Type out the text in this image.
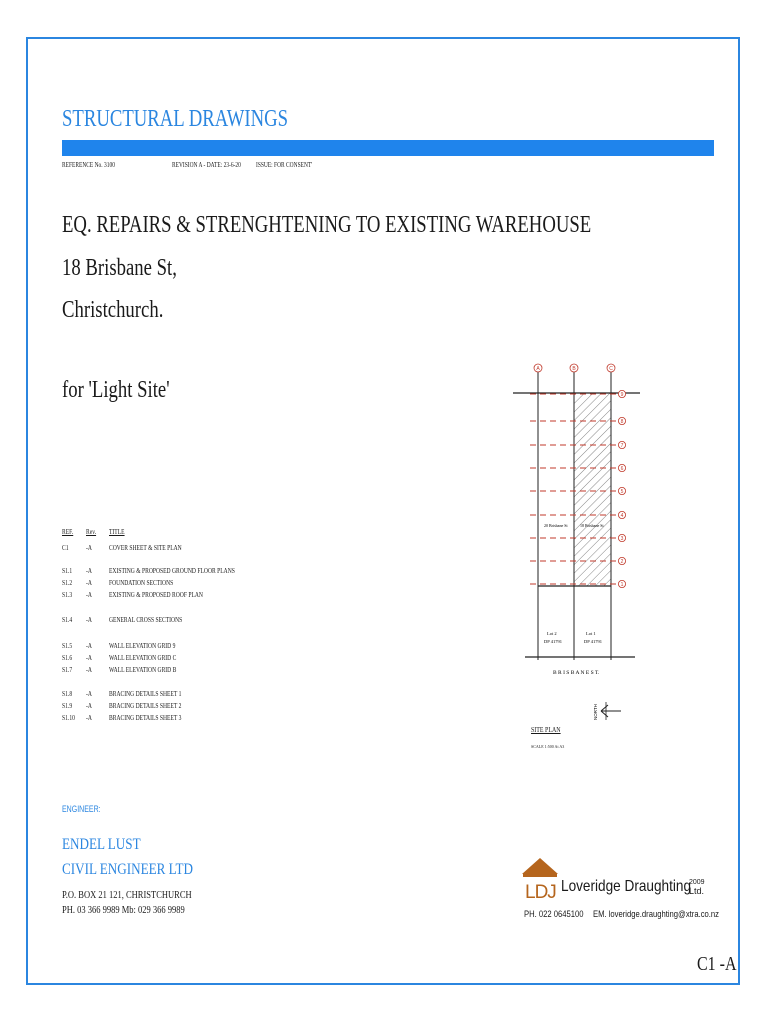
STRUCTURAL DRAWINGS
REFERENCE No. 3100	REVISION A - DATE: 23-6-20 ISSUE: FOR CONSENT'
EQ. REPAIRS & STRENGHTENING TO EXISTING WAREHOUSE
18 Brisbane St,
Christchurch.
for 'Light Site'
REF. Rev. TITLE
C1 -A COVER SHEET & SITE PLAN
S1.1 -A EXISTING & PROPOSED GROUND FLOOR PLANS
S1.2 -A FOUNDATION SECTIONS
S1.3 -A EXISTING & PROPOSED ROOF PLAN
S1.4 -A GENERAL CROSS SECTIONS
S1.5 -A WALL ELEVATION GRID 9
S1.6 -A WALL ELEVATION GRID C
S1.7 -A WALL ELEVATION GRID B
S1.8 -A BRACING DETAILS SHEET 1
S1.9 -A BRACING DETAILS SHEET 2
S1.10 -A BRACING DETAILS SHEET 3
9
8
7
6
5
4
3
2
1
A	B	C
20 Brisbane St	18 Brisbane St
Lot 2
DP 41791
Lot 1
DP 41791
B R I S B A N E S T.
NORTH
SITE PLAN
SCALE 1:500 At A3
ENGINEER:
ENDEL LUST
CIVIL ENGINEER LTD
P.O. BOX 21 121, CHRISTCHURCH
PH. 03 366 9989 Mb: 029 366 9989
LDJ Loveridge Draughting
2009
Ltd.
PH. 022 0645100 EM. loveridge.draughting@xtra.co.nz
C1 -A
